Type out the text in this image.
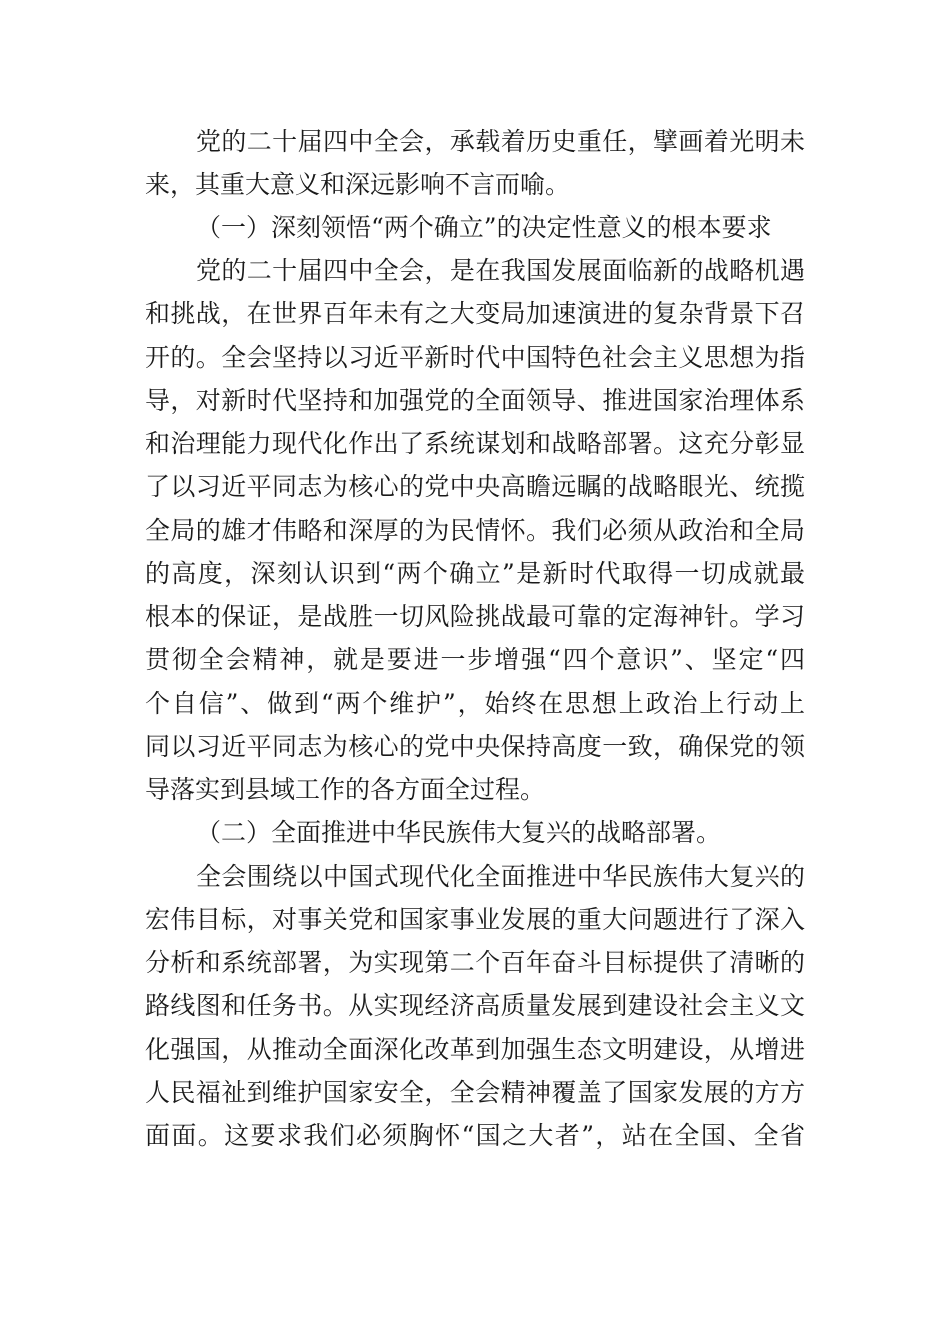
党的二十届四中全会，承载着历史重任，擘画着光明未
来，其重大意义和深远影响不言而喻。
（一）深刻领悟“两个确立”的决定性意义的根本要求
党的二十届四中全会，是在我国发展面临新的战略机遇
和挑战，在世界百年未有之大变局加速演进的复杂背景下召
开的。全会坚持以习近平新时代中国特色社会主义思想为指
导，对新时代坚持和加强党的全面领导、推进国家治理体系
和治理能力现代化作出了系统谋划和战略部署。这充分彰显
了以习近平同志为核心的党中央高瞻远瞩的战略眼光、统揽
全局的雄才伟略和深厚的为民情怀。我们必须从政治和全局
的高度，深刻认识到“两个确立”是新时代取得一切成就最
根本的保证，是战胜一切风险挑战最可靠的定海神针。学习
贯彻全会精神，就是要进一步增强“四个意识”、坚定“四
个自信”、做到“两个维护”，始终在思想上政治上行动上
同以习近平同志为核心的党中央保持高度一致，确保党的领
导落实到县域工作的各方面全过程。
（二）全面推进中华民族伟大复兴的战略部署。
全会围绕以中国式现代化全面推进中华民族伟大复兴的
宏伟目标，对事关党和国家事业发展的重大问题进行了深入
分析和系统部署，为实现第二个百年奋斗目标提供了清晰的
路线图和任务书。从实现经济高质量发展到建设社会主义文
化强国，从推动全面深化改革到加强生态文明建设，从增进
人民福祉到维护国家安全，全会精神覆盖了国家发展的方方
面面。这要求我们必须胸怀“国之大者”，站在全国、全省
